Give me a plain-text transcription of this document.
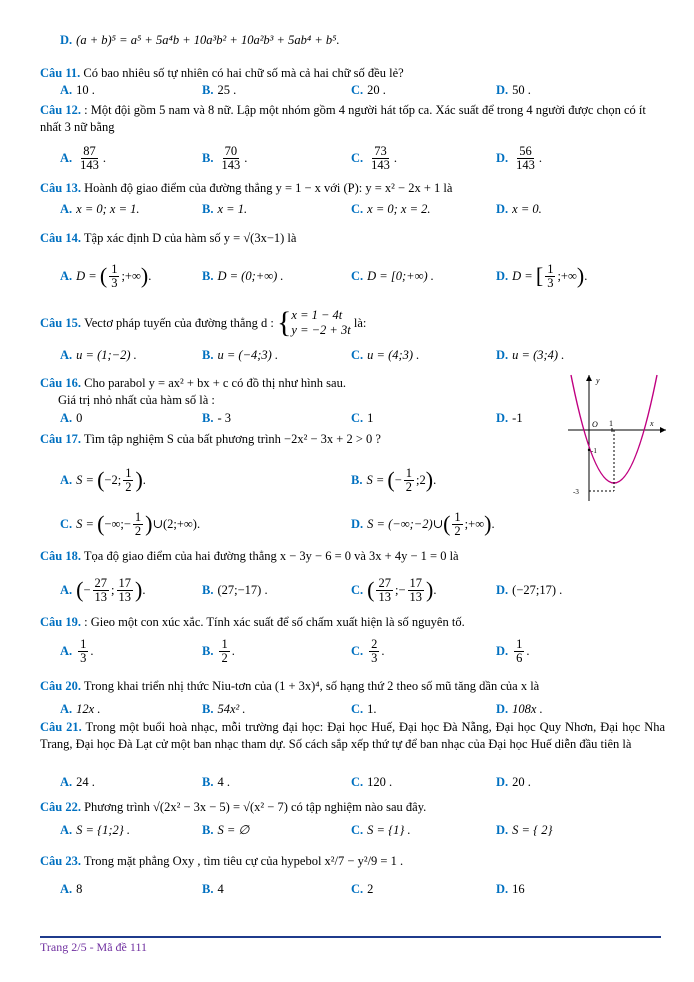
D. (a + b)⁵ = a⁵ + 5a⁴b + 10a³b² + 10a²b³ + 5ab⁴ + b⁵.
Câu 11. Có bao nhiêu số tự nhiên có hai chữ số mà cả hai chữ số đều lẻ?
A. 10 .	B. 25 .	C. 20 .	D. 50 .
Câu 12. : Một đội gồm 5 nam và 8 nữ. Lập một nhóm gồm 4 người hát tốp ca. Xác suất để trong 4 người được chọn có ít nhất 3 nữ bằng
A. $\frac{87}{143}$ .	B. $\frac{70}{143}$ .	C. $\frac{73}{143}$ .	D. $\frac{56}{143}$ .
Câu 13. Hoành độ giao điểm của đường thẳng y = 1 − x với (P): y = x² − 2x + 1 là
A. x = 0; x = 1.	B. x = 1.	C. x = 0; x = 2.	D. x = 0.
Câu 14. Tập xác định D của hàm số y = √(3x−1) là
A. D = ( $\frac{1}{3}$ ;+∞ ) .	B. D = (0;+∞) .	C. D = [0;+∞) .	D. D = [ $\frac{1}{3}$ ;+∞ ) .
Câu 15.
Vectơ pháp tuyến của đường thẳng d :
{ x = 1 − 4t
y = −2 + 3t

là:
A. u = (1;−2) .	B. u = (−4;3) .	C. u = (4;3) .	D. u = (3;4) .
Câu 16. Cho parabol y = ax² + bx + c có đồ thị như hình sau.
Giá trị nhỏ nhất của hàm số là :
A. 0	B. - 3	C. 1	D. -1
y
x
O 1
-1
-3
Câu 17. Tìm tập nghiệm S của bất phương trình −2x² − 3x + 2 > 0 ?
A. S = ( −2; $\frac{1}{2}$ ) .	B. S = ( − $\frac{1}{2}$ ;2 ) .
C. S = ( −∞;− $\frac{1}{2}$ ) ∪(2;+∞).	D. S = (−∞;−2)∪ ( $\frac{1}{2}$ ;+∞ ) .
Câu 18. Tọa độ giao điểm của hai đường thẳng x − 3y − 6 = 0 và 3x + 4y − 1 = 0 là
A. ( − $\frac{27}{13}$ ; $\frac{17}{13}$ ) .	B. (27;−17) .	C. ( $\frac{27}{13}$ ;− $\frac{17}{13}$ ) .	D. (−27;17) .
Câu 19. : Gieo một con xúc xắc. Tính xác suất để số chấm xuất hiện là số nguyên tố.
A. $\frac{1}{3}$ .	B. $\frac{1}{2}$ .	C. $\frac{2}{3}$ .	D. $\frac{1}{6}$ .
Câu 20. Trong khai triển nhị thức Niu-tơn của (1 + 3x)⁴, số hạng thứ 2 theo số mũ tăng dần của x là
A. 12x .	B. 54x² .	C. 1.	D. 108x .
Câu 21. Trong một buổi hoà nhạc, mỗi trường đại học: Đại học Huế, Đại học Đà Nẵng, Đại học Quy Nhơn, Đại học Nha Trang, Đại học Đà Lạt cử một ban nhạc tham dự. Số cách sắp xếp thứ tự để ban nhạc của Đại học Huế diễn đầu tiên là
A. 24 .	B. 4 .	C. 120 .	D. 20 .
Câu 22. Phương trình √(2x² − 3x − 5) = √(x² − 7) có tập nghiệm nào sau đây.
A. S = {1;2} .	B. S = ∅	C. S = {1} .	D. S = { 2}
Câu 23. Trong mặt phẳng Oxy , tìm tiêu cự của hypebol x²/7 − y²/9 = 1 .
A. 8	B. 4	C. 2	D. 16
Trang 2/5 - Mã đề 111
